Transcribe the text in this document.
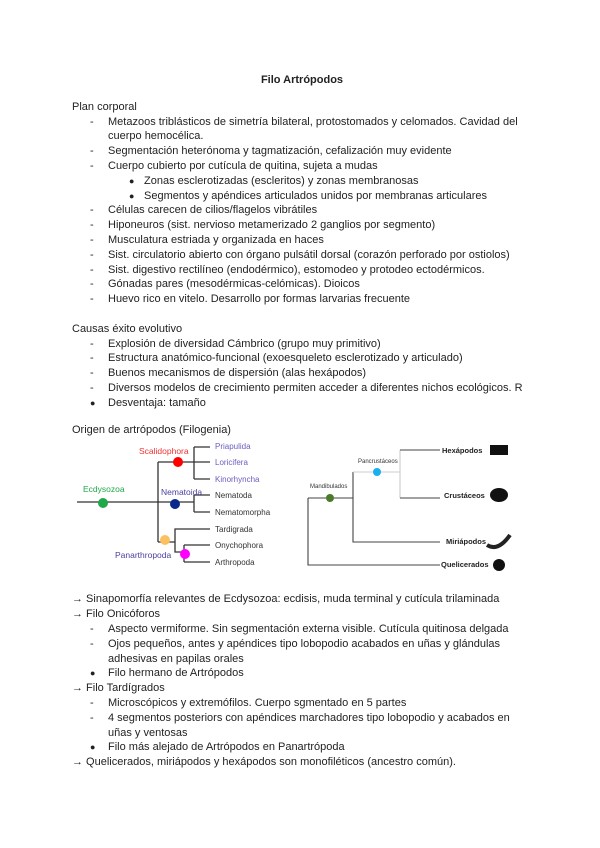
Filo Artrópodos
Plan corporal
- Metazoos triblásticos de simetría bilateral, protostomados y celomados. Cavidad del cuerpo hemocélica.
- Segmentación heterónoma y tagmatización, cefalización muy evidente
- Cuerpo cubierto por cutícula de quitina, sujeta a mudas
● Zonas esclerotizadas (escleritos) y zonas membranosas
● Segmentos y apéndices articulados unidos por membranas articulares
- Células carecen de cilios/flagelos vibrátiles
- Hiponeuros (sist. nervioso metamerizado 2 ganglios por segmento)
- Musculatura estriada y organizada en haces
- Sist. circulatorio abierto con órgano pulsátil dorsal (corazón perforado por ostiolos)
- Sist. digestivo rectilíneo (endodérmico), estomodeo y protodeo ectodérmicos.
- Gónadas pares (mesodérmicas-celómicas). Dioicos
- Huevo rico en vitelo. Desarrollo por formas larvarias frecuente
Causas éxito evolutivo
- Explosión de diversidad Cámbrico (grupo muy primitivo)
- Estructura anatómico-funcional (exoesqueleto esclerotizado y articulado)
- Buenos mecanismos de dispersión (alas hexápodos)
- Diversos modelos de crecimiento permiten acceder a diferentes nichos ecológicos. R
● Desventaja: tamaño
Origen de artrópodos (Filogenia)
Ecdysozoa
Scalidophora
Nematoida
Panarthropoda
Priapulida
Loricifera
Kinorhyncha
Nematoda
Nematomorpha
Tardigrada
Onychophora
Arthropoda
Mandibulados
Pancrustáceos
Hexápodos
Crustáceos
Miriápodos
Quelicerados
→ Sinapomorfía relevantes de Ecdysozoa: ecdisis, muda terminal y cutícula trilaminada
→ Filo Onicóforos
- Aspecto vermiforme. Sin segmentación externa visible. Cutícula quitinosa delgada
- Ojos pequeños, antes y apéndices tipo lobopodio acabados en uñas y glándulas adhesivas en papilas orales
● Filo hermano de Artrópodos
→ Filo Tardígrados
- Microscópicos y extremófilos. Cuerpo sgmentado en 5 partes
- 4 segmentos posteriors con apéndices marchadores tipo lobopodio y acabados en uñas y ventosas
● Filo más alejado de Artrópodos en Panartrópoda
→ Quelicerados, miriápodos y hexápodos son monofiléticos (ancestro común).
